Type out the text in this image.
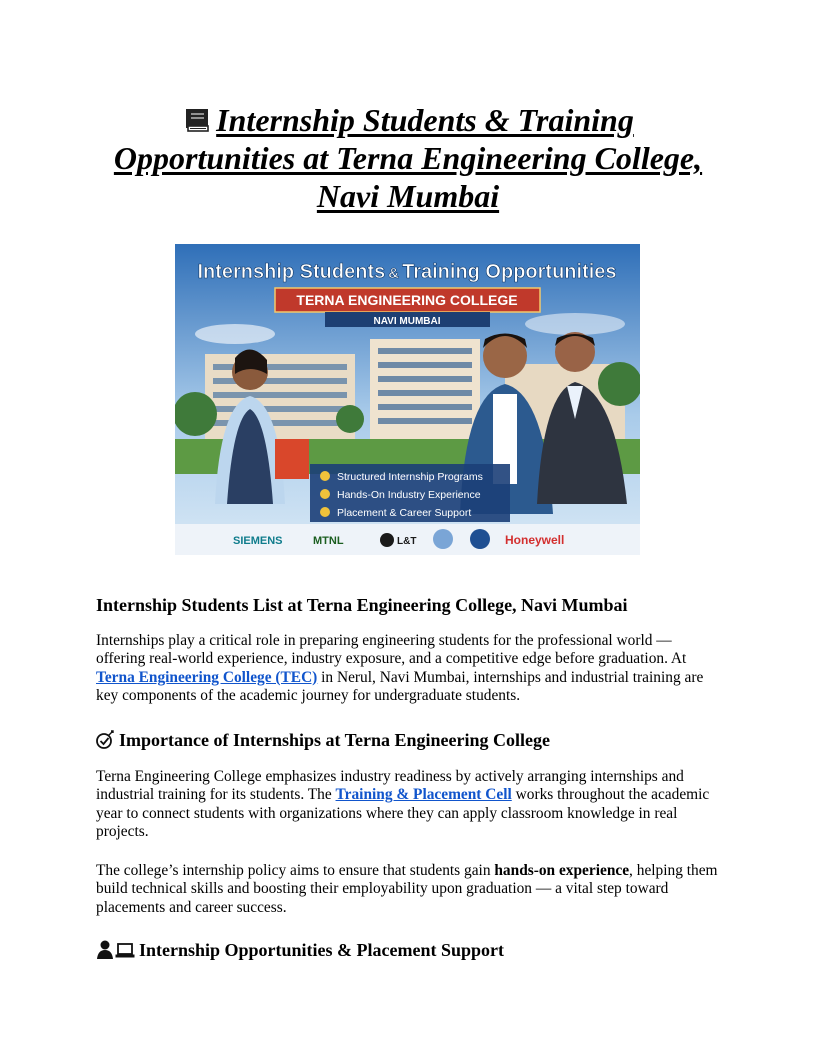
Internship Students & Training Opportunities at Terna Engineering College, Navi Mumbai
Internship Students & Training Opportunities
TERNA ENGINEERING COLLEGE
NAVI MUMBAI
Structured Internship Programs
Hands-On Industry Experience
Placement & Career Support
SIEMENS	MTNL	L&T	Honeywell
Internship Students List at Terna Engineering College, Navi Mumbai

Internships play a critical role in preparing engineering students for the professional world — offering real-world experience, industry exposure, and a competitive edge before graduation. At Terna Engineering College (TEC) in Nerul, Navi Mumbai, internships and industrial training are key components of the academic journey for undergraduate students.

Importance of Internships at Terna Engineering College

Terna Engineering College emphasizes industry readiness by actively arranging internships and industrial training for its students. The Training & Placement Cell works throughout the academic year to connect students with organizations where they can apply classroom knowledge in real projects.

The college’s internship policy aims to ensure that students gain hands-on experience, helping them build technical skills and boosting their employability upon graduation — a vital step toward placements and career success.

Internship Opportunities & Placement Support
